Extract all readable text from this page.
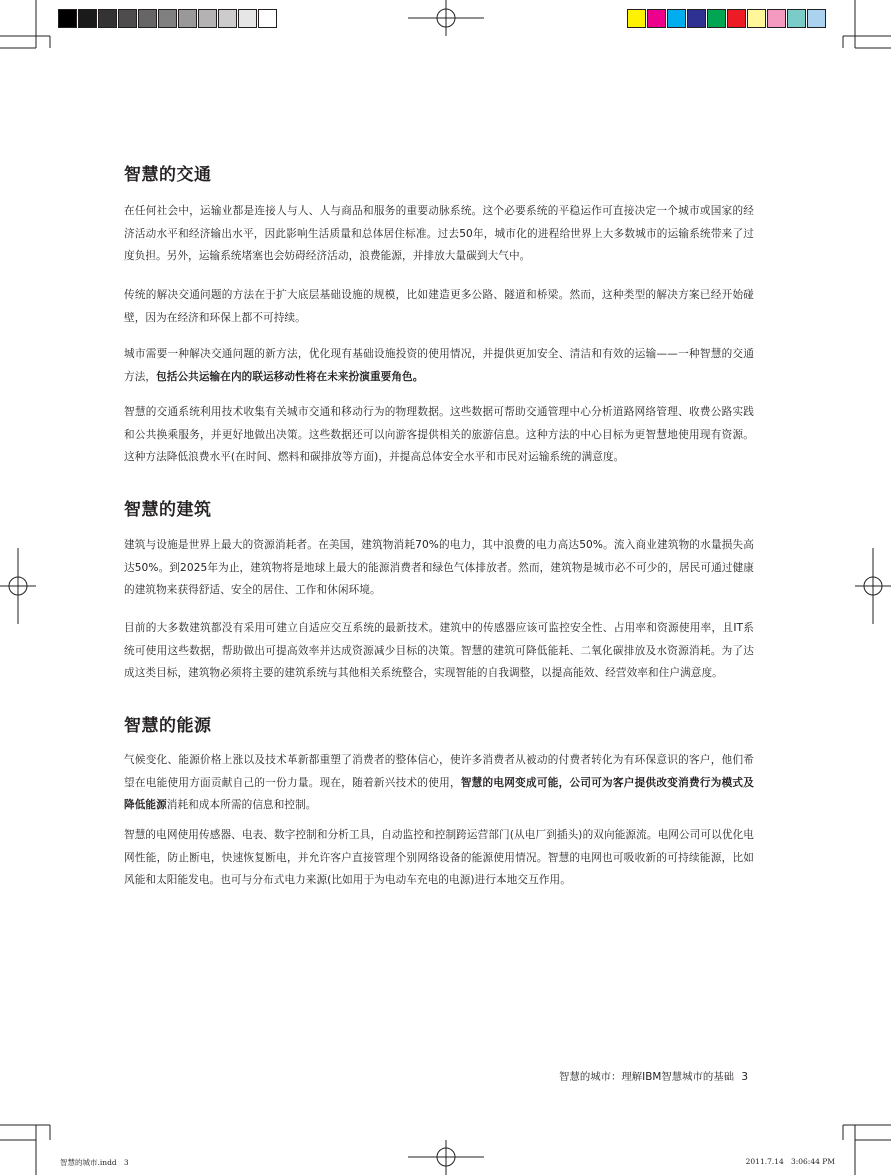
智慧的交通
在任何社会中，运输业都是连接人与人、人与商品和服务的重要动脉系统。这个必要系统的平稳运作可直接决定一个城市或国家的经济活动水平和经济输出水平，因此影响生活质量和总体居住标准。过去50年，城市化的进程给世界上大多数城市的运输系统带来了过度负担。另外，运输系统堵塞也会妨碍经济活动，浪费能源，并排放大量碳到大气中。
传统的解决交通问题的方法在于扩大底层基础设施的规模，比如建造更多公路、隧道和桥梁。然而，这种类型的解决方案已经开始碰壁，因为在经济和环保上都不可持续。
城市需要一种解决交通问题的新方法，优化现有基础设施投资的使用情况，并提供更加安全、清洁和有效的运输——一种智慧的交通方法，包括公共运输在内的联运移动性将在未来扮演重要角色。
智慧的交通系统利用技术收集有关城市交通和移动行为的物理数据。这些数据可帮助交通管理中心分析道路网络管理、收费公路实践和公共换乘服务，并更好地做出决策。这些数据还可以向游客提供相关的旅游信息。这种方法的中心目标为更智慧地使用现有资源。这种方法降低浪费水平(在时间、燃料和碳排放等方面)，并提高总体安全水平和市民对运输系统的满意度。
智慧的建筑
建筑与设施是世界上最大的资源消耗者。在美国，建筑物消耗70%的电力，其中浪费的电力高达50%。流入商业建筑物的水量损失高达50%。到2025年为止，建筑物将是地球上最大的能源消费者和绿色气体排放者。然而，建筑物是城市必不可少的，居民可通过健康的建筑物来获得舒适、安全的居住、工作和休闲环境。
目前的大多数建筑都没有采用可建立自适应交互系统的最新技术。建筑中的传感器应该可监控安全性、占用率和资源使用率，且IT系统可使用这些数据，帮助做出可提高效率并达成资源减少目标的决策。智慧的建筑可降低能耗、二氧化碳排放及水资源消耗。为了达成这类目标，建筑物必须将主要的建筑系统与其他相关系统整合，实现智能的自我调整，以提高能效、经营效率和住户满意度。
智慧的能源
气候变化、能源价格上涨以及技术革新都重塑了消费者的整体信心，使许多消费者从被动的付费者转化为有环保意识的客户，他们希望在电能使用方面贡献自己的一份力量。现在，随着新兴技术的使用，智慧的电网变成可能，公司可为客户提供改变消费行为模式及降低能源消耗和成本所需的信息和控制。
智慧的电网使用传感器、电表、数字控制和分析工具，自动监控和控制跨运营部门(从电厂到插头)的双向能源流。电网公司可以优化电网性能，防止断电，快速恢复断电，并允许客户直接管理个别网络设备的能源使用情况。智慧的电网也可吸收新的可持续能源，比如风能和太阳能发电。也可与分布式电力来源(比如用于为电动车充电的电源)进行本地交互作用。
智慧的城市：理解IBM智慧城市的基础 3
智慧的城市.indd   3	2011.7.14   3:06:44 PM
